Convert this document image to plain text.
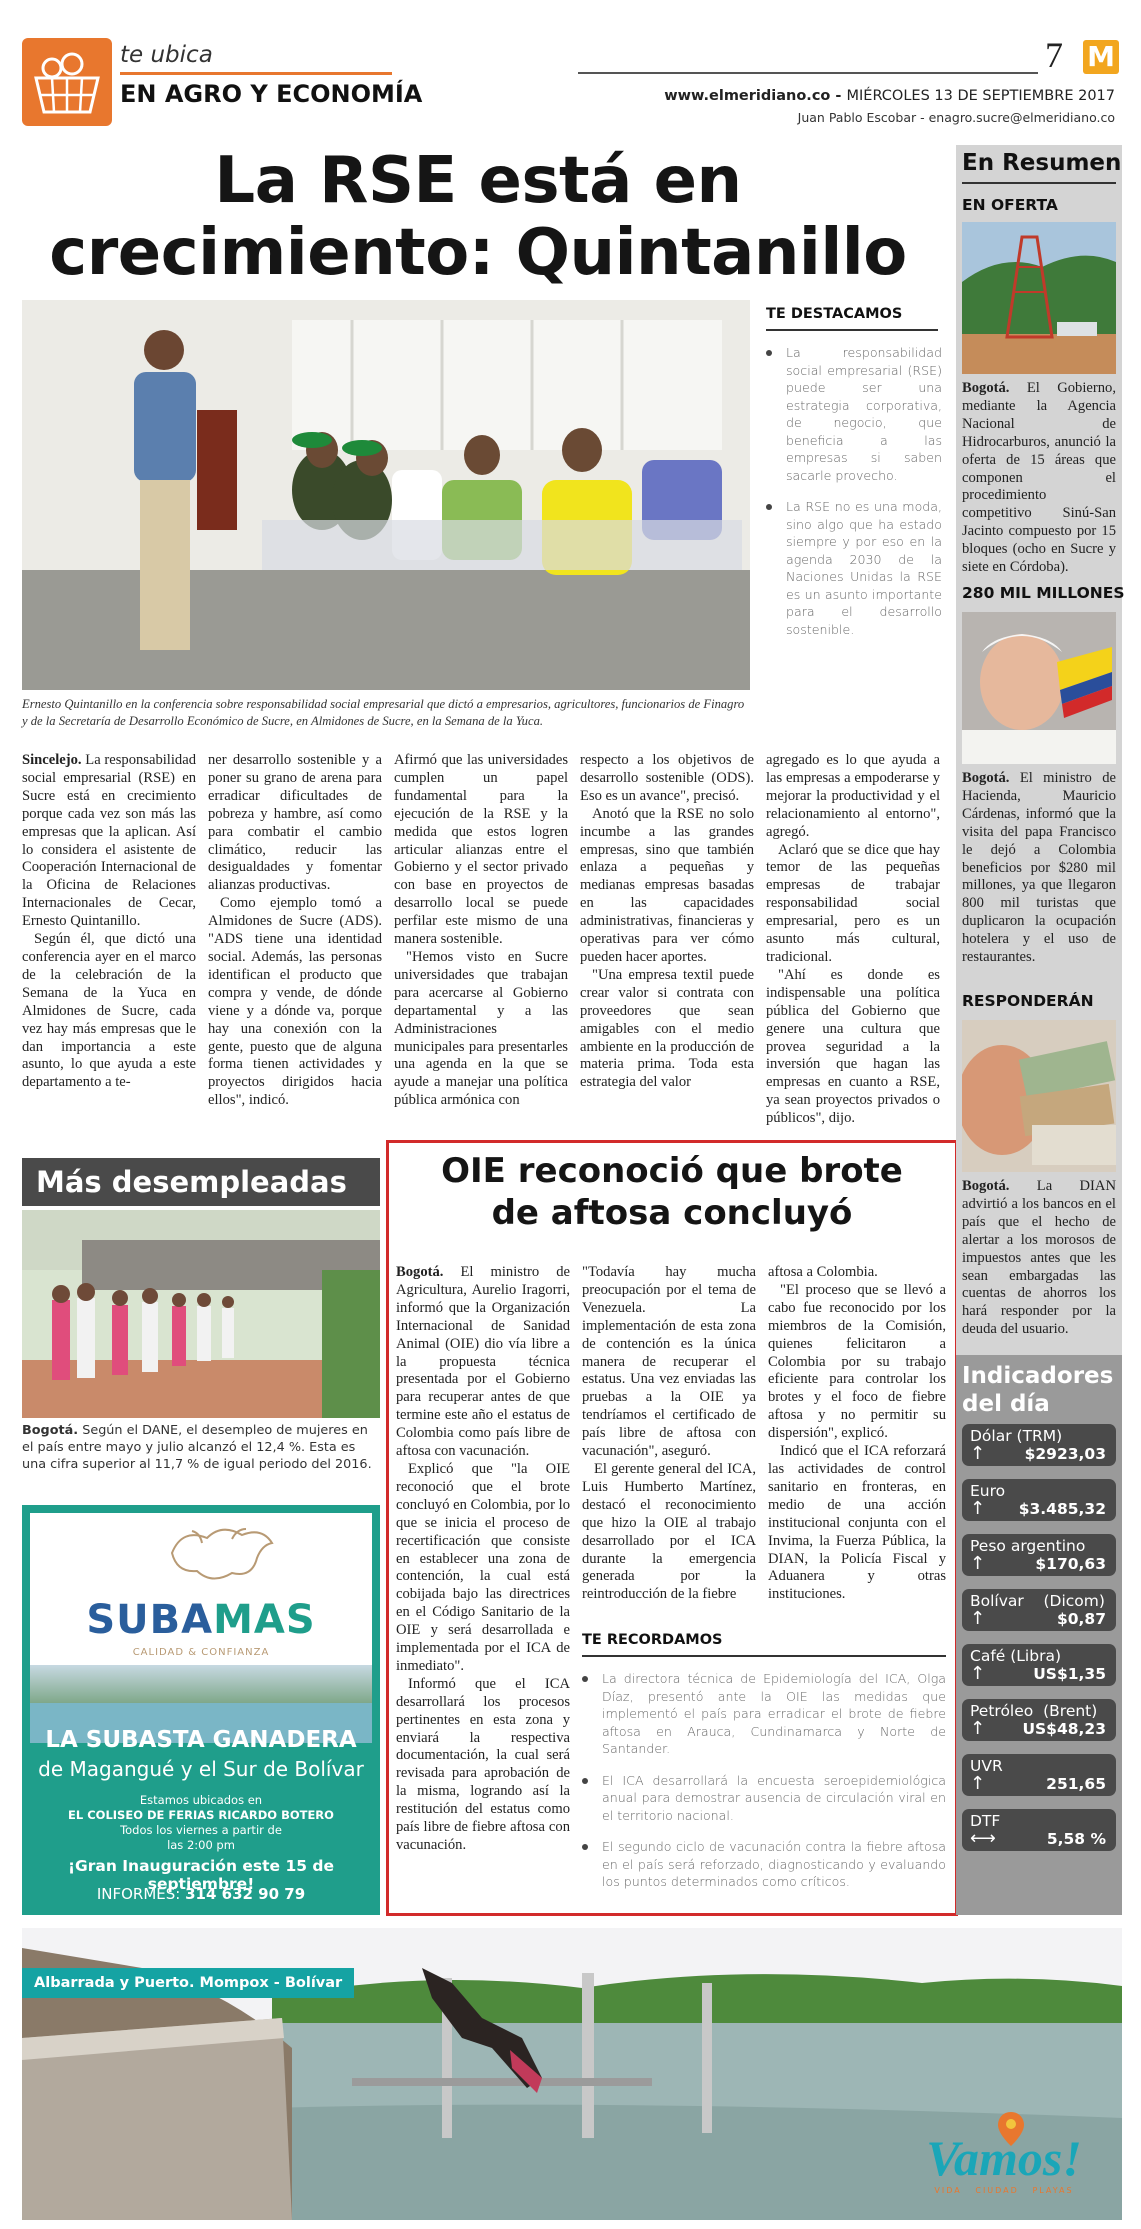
te ubica
EN AGRO Y ECONOMÍA
7 M
www.elmeridiano.co - MIÉRCOLES 13 DE SEPTIEMBRE 2017
Juan Pablo Escobar - enagro.sucre@elmeridiano.co
La RSE está en
crecimiento: Quintanillo
Ernesto Quintanillo en la conferencia sobre responsabilidad social empresarial que dictó a empresarios, agricultores, funcionarios de Finagro y de la Secretaría de Desarrollo Económico de Sucre, en Almidones de Sucre, en la Semana de la Yuca.
TE DESTACAMOS
La responsabilidad social empresarial (RSE) puede ser una estrategia corporativa, de negocio, que beneficia a las empresas si saben sacarle provecho.
La RSE no es una moda, sino algo que ha estado siempre y por eso en la agenda 2030 de la Naciones Unidas la RSE es un asunto importante para el desarrollo sostenible.

Sincelejo. La responsabilidad social empresarial (RSE) en Sucre está en crecimiento porque cada vez son más las empresas que la aplican. Así lo considera el asistente de Cooperación Internacional de la Oficina de Relaciones Internacionales de Cecar, Ernesto Quintanillo.

Según él, que dictó una conferencia ayer en el marco de la celebración de la Semana de la Yuca en Almidones de Sucre, cada vez hay más empresas que le dan importancia a este asunto, lo que ayuda a este departamento a te-

ner desarrollo sostenible y a poner su grano de arena para erradicar dificultades de pobreza y hambre, así como para combatir el cambio climático, reducir las desigualdades y fomentar alianzas productivas.

Como ejemplo tomó a Almidones de Sucre (ADS). "ADS tiene una identidad social. Además, las personas identifican el producto que compra y vende, de dónde viene y a dónde va, porque hay una conexión con la gente, puesto que de alguna forma tienen actividades y proyectos dirigidos hacia ellos", indicó.

Afirmó que las universidades cumplen un papel fundamental para la ejecución de la RSE y la medida que estos logren articular alianzas entre el Gobierno y el sector privado con base en proyectos de desarrollo local se puede perfilar este mismo de una manera sostenible.

"Hemos visto en Sucre universidades que trabajan para acercarse al Gobierno departamental y a las Administraciones municipales para presentarles una agenda en la que se ayude a manejar una política pública armónica con

respecto a los objetivos de desarrollo sostenible (ODS). Eso es un avance", precisó.

Anotó que la RSE no solo incumbe a las grandes empresas, sino que también enlaza a pequeñas y medianas empresas basadas en las capacidades administrativas, financieras y operativas para ver cómo pueden hacer aportes.

"Una empresa textil puede crear valor si contrata con proveedores que sean amigables con el medio ambiente en la producción de materia prima. Toda esta estrategia del valor

agregado es lo que ayuda a las empresas a empoderarse y mejorar la productividad y el relacionamiento al entorno", agregó.

Aclaró que se dice que hay temor de las pequeñas empresas de trabajar responsabilidad social empresarial, pero es un asunto más cultural, tradicional.

"Ahí es donde es indispensable una política pública del Gobierno que genere una cultura que provea seguridad a la inversión que hagan las empresas en cuanto a RSE, ya sean proyectos privados o públicos", dijo.

Más desempleadas
Bogotá. Según el DANE, el desempleo de mujeres en el país entre mayo y julio alcanzó el 12,4 %. Esta es una cifra superior al 11,7 % de igual periodo del 2016.
SUBAMAS
CALIDAD & CONFIANZA
LA SUBASTA GANADERA
de Magangué y el Sur de Bolívar
Estamos ubicados en
EL COLISEO DE FERIAS RICARDO BOTERO
Todos los viernes a partir de
las 2:00 pm
¡Gran Inauguración este 15 de septiembre!
INFORMES: 314 632 90 79
OIE reconoció que brote
de aftosa concluyó

Bogotá. El ministro de Agricultura, Aurelio Iragorri, informó que la Organización Internacional de Sanidad Animal (OIE) dio vía libre a la propuesta técnica presentada por el Gobierno para recuperar antes de que termine este año el estatus de Colombia como país libre de aftosa con vacunación.

Explicó que "la OIE reconoció que el brote concluyó en Colombia, por lo que se inicia el proceso de recertificación que consiste en establecer una zona de contención, la cual está cobijada bajo las directrices en el Código Sanitario de la OIE y será desarrollada e implementada por el ICA de inmediato".

Informó que el ICA desarrollará los procesos pertinentes en esta zona y enviará la respectiva documentación, la cual será revisada para aprobación de la misma, logrando así la restitución del estatus como país libre de fiebre aftosa con vacunación.

"Todavía hay mucha preocupación por el tema de Venezuela. La implementación de esta zona de contención es la única manera de recuperar el estatus. Una vez enviadas las pruebas a la OIE ya tendríamos el certificado de país libre de aftosa con vacunación", aseguró.

El gerente general del ICA, Luis Humberto Martínez, destacó el reconocimiento que hizo la OIE al trabajo desarrollado por el ICA durante la emergencia generada por la reintroducción de la fiebre

aftosa a Colombia.

"El proceso que se llevó a cabo fue reconocido por los miembros de la Comisión, quienes felicitaron a Colombia por su trabajo eficiente para controlar los brotes y el foco de fiebre aftosa y no permitir su dispersión", explicó.

Indicó que el ICA reforzará las actividades de control sanitario en fronteras, en medio de una acción institucional conjunta con el Invima, la Fuerza Pública, la DIAN, la Policía Fiscal y Aduanera y otras instituciones.

TE RECORDAMOS
La directora técnica de Epidemiología del ICA, Olga Díaz, presentó ante la OIE las medidas que implementó el país para erradicar el brote de fiebre aftosa en Arauca, Cundinamarca y Norte de Santander.
El ICA desarrollará la encuesta seroepidemiológica anual para demostrar ausencia de circulación viral en el territorio nacional.
El segundo ciclo de vacunación contra la fiebre aftosa en el país será reforzado, diagnosticando y evaluando los puntos determinados como críticos.
En Resumen
EN OFERTA
Bogotá. El Gobierno, mediante la Agencia Nacional de Hidrocarburos, anunció la oferta de 15 áreas que componen el procedimiento competitivo Sinú-San Jacinto compuesto por 15 bloques (ocho en Sucre y siete en Córdoba).
280 MIL MILLONES
Bogotá. El ministro de Hacienda, Mauricio Cárdenas, informó que la visita del papa Francisco le dejó a Colombia beneficios por $280 mil millones, ya que llegaron 800 mil turistas que duplicaron la ocupación hotelera y el uso de restaurantes.
RESPONDERÁN
Bogotá. La DIAN advirtió a los bancos en el país que el hecho de alertar a los morosos de impuestos antes que les sean embargadas las cuentas de ahorros los hará responder por la deuda del usuario.
Indicadores
del día
Dólar (TRM)
↑	$2923,03
Euro
↑ $3.485,32
Peso argentino
↑	$170,63
Bolívar    (Dicom)
↑	$0,87
Café (Libra)
↑	US$1,35
Petróleo  (Brent)
↑ US$48,23
UVR
↑	251,65
DTF
⟷	5,58 %
Albarrada y Puerto. Mompox - Bolívar
Vamos!
VIDA   CIUDAD   PLAYAS
